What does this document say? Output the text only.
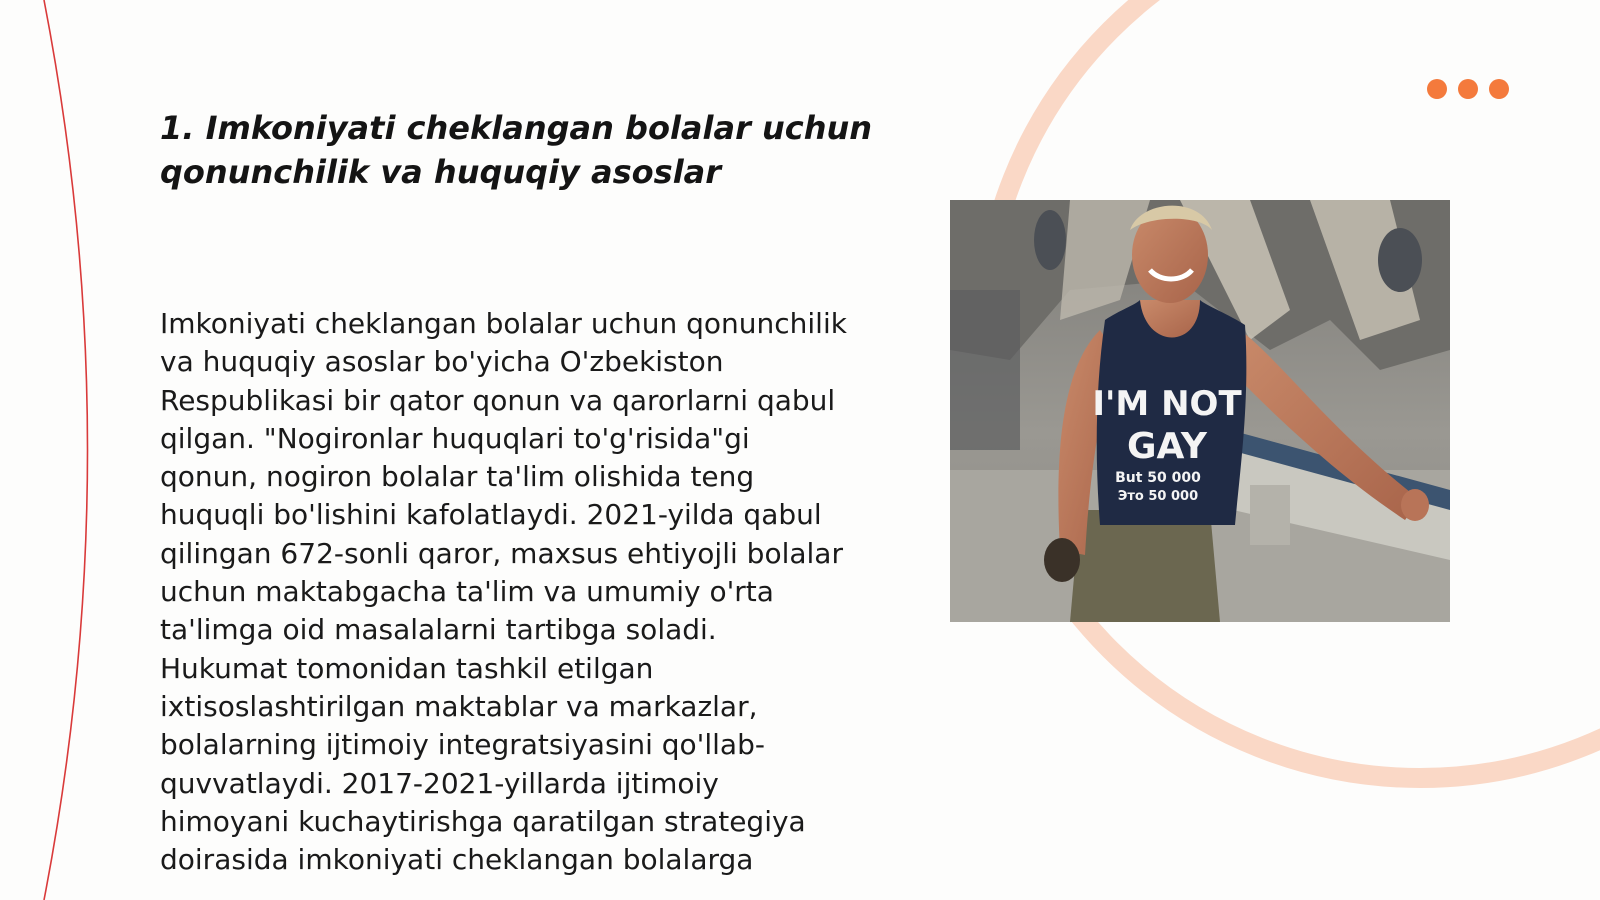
1. Imkoniyati cheklangan bolalar uchun qonunchilik va huquqiy asoslar

Imkoniyati cheklangan bolalar uchun qonunchilik va huquqiy asoslar bo'yicha O'zbekiston Respublikasi bir qator qonun va qarorlarni qabul qilgan. "Nogironlar huquqlari to'g'risida"gi qonun, nogiron bolalar ta'lim olishida teng huquqli bo'lishini kafolatlaydi. 2021-yilda qabul qilingan 672-sonli qaror, maxsus ehtiyojli bolalar uchun maktabgacha ta'lim va umumiy o'rta ta'limga oid masalalarni tartibga soladi. Hukumat tomonidan tashkil etilgan ixtisoslashtirilgan maktablar va markazlar, bolalarning ijtimoiy integratsiyasini qo'llab-quvvatlaydi. 2017-2021-yillarda ijtimoiy himoyani kuchaytirishga qaratilgan strategiya doirasida imkoniyati cheklangan bolalarga

I'M NOT
GAY
But 50 000
Это 50 000
